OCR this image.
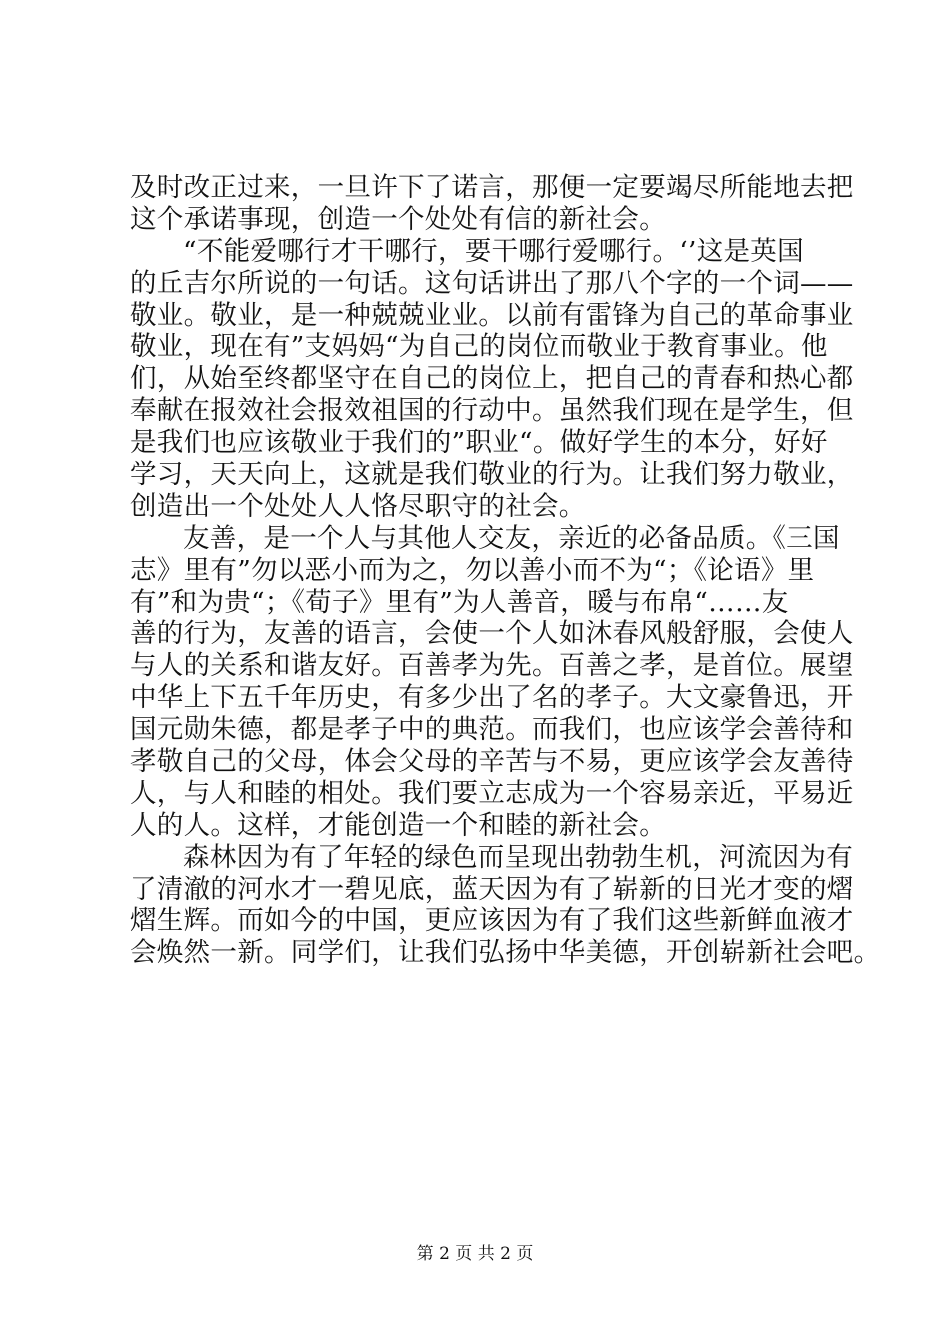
及时改正过来，一旦许下了诺言，那便一定要竭尽所能地去把
这个承诺事现，创造一个处处有信的新社会。
“不能爱哪行才干哪行，要干哪行爱哪行。‘’这是英国
的丘吉尔所说的一句话。这句话讲出了那八个字的一个词——
敬业。敬业，是一种兢兢业业。以前有雷锋为自己的革命事业
敬业，现在有”支妈妈“为自己的岗位而敬业于教育事业。他
们，从始至终都坚守在自己的岗位上，把自己的青春和热心都
奉献在报效社会报效祖国的行动中。虽然我们现在是学生，但
是我们也应该敬业于我们的”职业“。做好学生的本分，好好
学习，天天向上，这就是我们敬业的行为。让我们努力敬业，
创造出一个处处人人恪尽职守的社会。
友善，是一个人与其他人交友，亲近的必备品质。《三国
志》里有”勿以恶小而为之，勿以善小而不为“；《论语》里
有”和为贵“；《荀子》里有”为人善音，暖与布帛“……友
善的行为，友善的语言，会使一个人如沐春风般舒服，会使人
与人的关系和谐友好。百善孝为先。百善之孝，是首位。展望
中华上下五千年历史，有多少出了名的孝子。大文豪鲁迅，开
国元勋朱德，都是孝子中的典范。而我们，也应该学会善待和
孝敬自己的父母，体会父母的辛苦与不易，更应该学会友善待
人，与人和睦的相处。我们要立志成为一个容易亲近，平易近
人的人。这样，才能创造一个和睦的新社会。
森林因为有了年轻的绿色而呈现出勃勃生机，河流因为有
了清澈的河水才一碧见底，蓝天因为有了崭新的日光才变的熠
熠生辉。而如今的中国，更应该因为有了我们这些新鲜血液才
会焕然一新。同学们，让我们弘扬中华美德，开创崭新社会吧。
第 2 页 共 2 页
